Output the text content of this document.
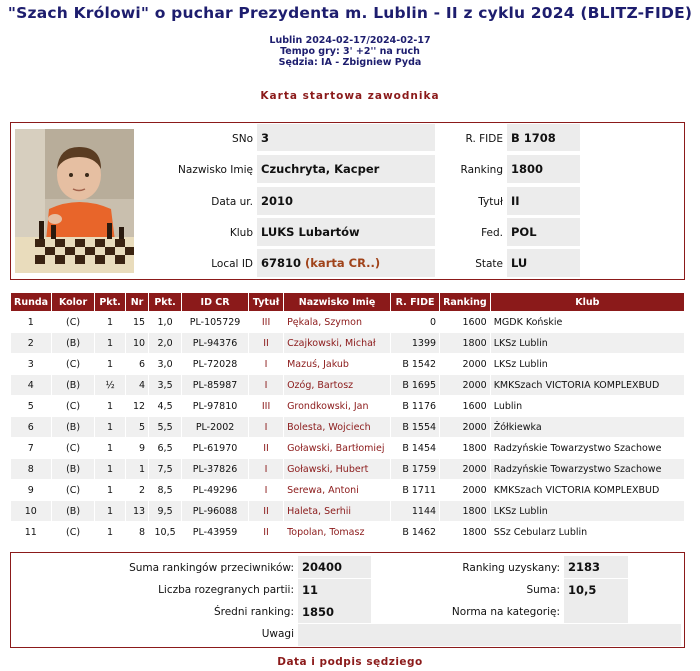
"Szach Królowi" o puchar Prezydenta m. Lublin - II z cyklu 2024 (BLITZ-FIDE)
Lublin 2024-02-17/2024-02-17
Tempo gry: 3' +2'' na ruch
Sędzia: IA - Zbigniew Pyda
Karta startowa zawodnika
SNo 3
Nazwisko Imię Czuchryta, Kacper
Data ur. 2010
Klub LUKS Lubartów
Local ID 67810
(karta CR..)
R. FIDE B 1708
Ranking 1800
Tytuł II
Fed. POL
State LU
Runda	Kolor	Pkt.	Nr	Pkt.	ID CR	Tytuł	Nazwisko Imię	R. FIDE	Ranking	Klub
1	(C)	1	15	1,0	PL-105729	III	Pękala, Szymon	0	1600	MGDK Końskie
2	(B)	1	10	2,0	PL-94376	II	Czajkowski, Michał	1399	1800	LKSz Lublin
3	(C)	1	6	3,0	PL-72028	I	Mazuś, Jakub	B 1542	2000	LKSz Lublin
4	(B)	½	4	3,5	PL-85987	I	Ozóg, Bartosz	B 1695	2000	KMKSzach VICTORIA KOMPLEXBUD
5	(C)	1	12	4,5	PL-97810	III	Grondkowski, Jan	B 1176	1600	Lublin
6	(B)	1	5	5,5	PL-2002	I	Bolesta, Wojciech	B 1554	2000	Żółkiewka
7	(C)	1	9	6,5	PL-61970	II	Goławski, Bartłomiej	B 1454	1800	Radzyńskie Towarzystwo Szachowe
8	(B)	1	1	7,5	PL-37826	I	Goławski, Hubert	B 1759	2000	Radzyńskie Towarzystwo Szachowe
9	(C)	1	2	8,5	PL-49296	I	Serewa, Antoni	B 1711	2000	KMKSzach VICTORIA KOMPLEXBUD
10	(B)	1	13	9,5	PL-96088	II	Haleta, Serhii	1144	1800	LKSz Lublin
11	(C)	1	8	10,5	PL-43959	II	Topolan, Tomasz	B 1462	1800	SSz Cebularz Lublin
Suma rankingów przeciwników: 20400
Liczba rozegranych partii: 11
Średni ranking: 1850
Uwagi
Ranking uzyskany: 2183
Suma: 10,5
Norma na kategorię:
Data i podpis sędziego
